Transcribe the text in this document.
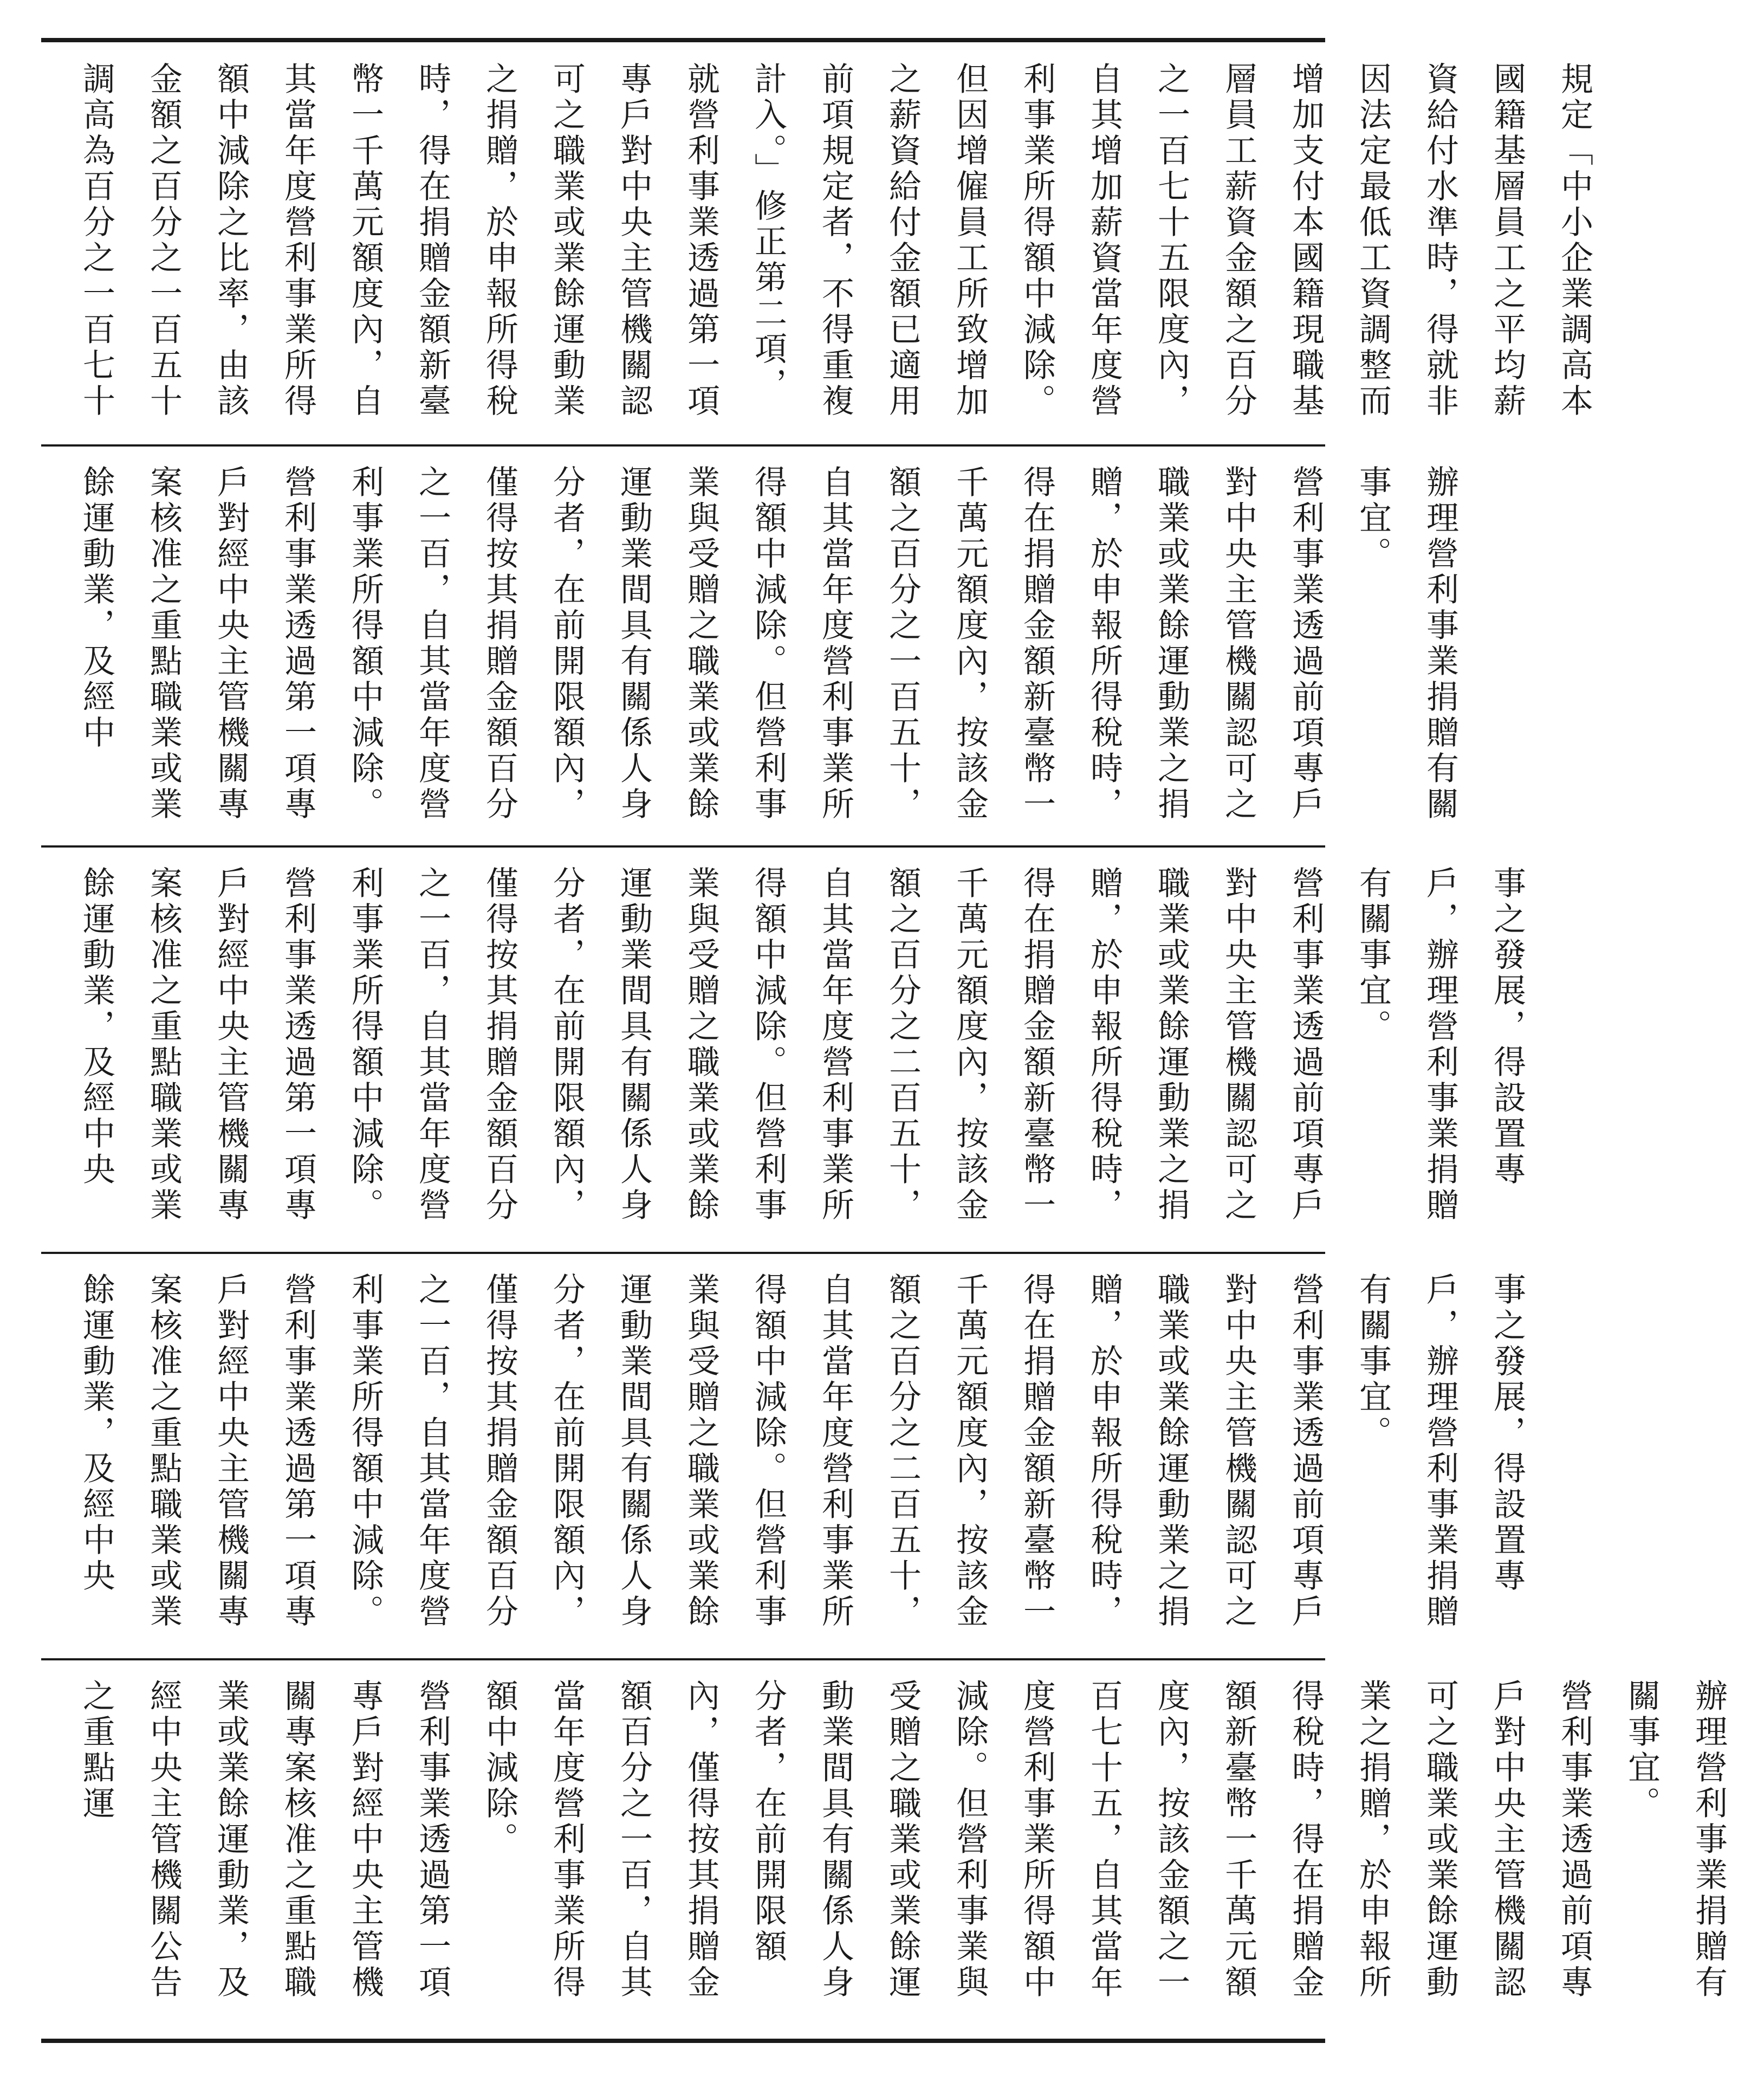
規定「中小企業調高本國籍基層員工之平均薪資給付水準時，得就非因法定最低工資調整而增加支付本國籍現職基層員工薪資金額之百分之一百七十五限度內，自其增加薪資當年度營利事業所得額中減除。但因增僱員工所致增加之薪資給付金額已適用前項規定者，不得重複計入。」修正第二項，就營利事業透過第一項專戶對中央主管機關認可之職業或業餘運動業之捐贈，於申報所得稅時，得在捐贈金額新臺幣一千萬元額度內，自其當年度營利事業所得額中減除之比率，由該金額之百分之一百五十調高為百分之一百七十

辦理營利事業捐贈有關事宜。

營利事業透過前項專戶對中央主管機關認可之職業或業餘運動業之捐贈，於申報所得稅時，得在捐贈金額新臺幣一千萬元額度內，按該金額之百分之一百五十，自其當年度營利事業所得額中減除。但營利事業與受贈之職業或業餘運動業間具有關係人身分者，在前開限額內，僅得按其捐贈金額百分之一百，自其當年度營利事業所得額中減除。

營利事業透過第一項專戶對經中央主管機關專案核准之重點職業或業餘運動業，及經中

事之發展，得設置專戶，辦理營利事業捐贈有關事宜。

營利事業透過前項專戶對中央主管機關認可之職業或業餘運動業之捐贈，於申報所得稅時，得在捐贈金額新臺幣一千萬元額度內，按該金額之百分之二百五十，自其當年度營利事業所得額中減除。但營利事業與受贈之職業或業餘運動業間具有關係人身分者，在前開限額內，僅得按其捐贈金額百分之一百，自其當年度營利事業所得額中減除。

營利事業透過第一項專戶對經中央主管機關專案核准之重點職業或業餘運動業，及經中央

事之發展，得設置專戶，辦理營利事業捐贈有關事宜。

營利事業透過前項專戶對中央主管機關認可之職業或業餘運動業之捐贈，於申報所得稅時，得在捐贈金額新臺幣一千萬元額度內，按該金額之百分之二百五十，自其當年度營利事業所得額中減除。但營利事業與受贈之職業或業餘運動業間具有關係人身分者，在前開限額內，僅得按其捐贈金額百分之一百，自其當年度營利事業所得額中減除。

營利事業透過第一項專戶對經中央主管機關專案核准之重點職業或業餘運動業，及經中央

辦理營利事業捐贈有關事宜。

營利事業透過前項專戶對中央主管機關認可之職業或業餘運動業之捐贈，於申報所得稅時，得在捐贈金額新臺幣一千萬元額度內，按該金額之一百七十五，自其當年度營利事業所得額中減除。但營利事業與受贈之職業或業餘運動業間具有關係人身分者，在前開限額內，僅得按其捐贈金額百分之一百，自其當年度營利事業所得額中減除。

營利事業透過第一項專戶對經中央主管機關專案核准之重點職業或業餘運動業，及經中央主管機關公告之重點運
